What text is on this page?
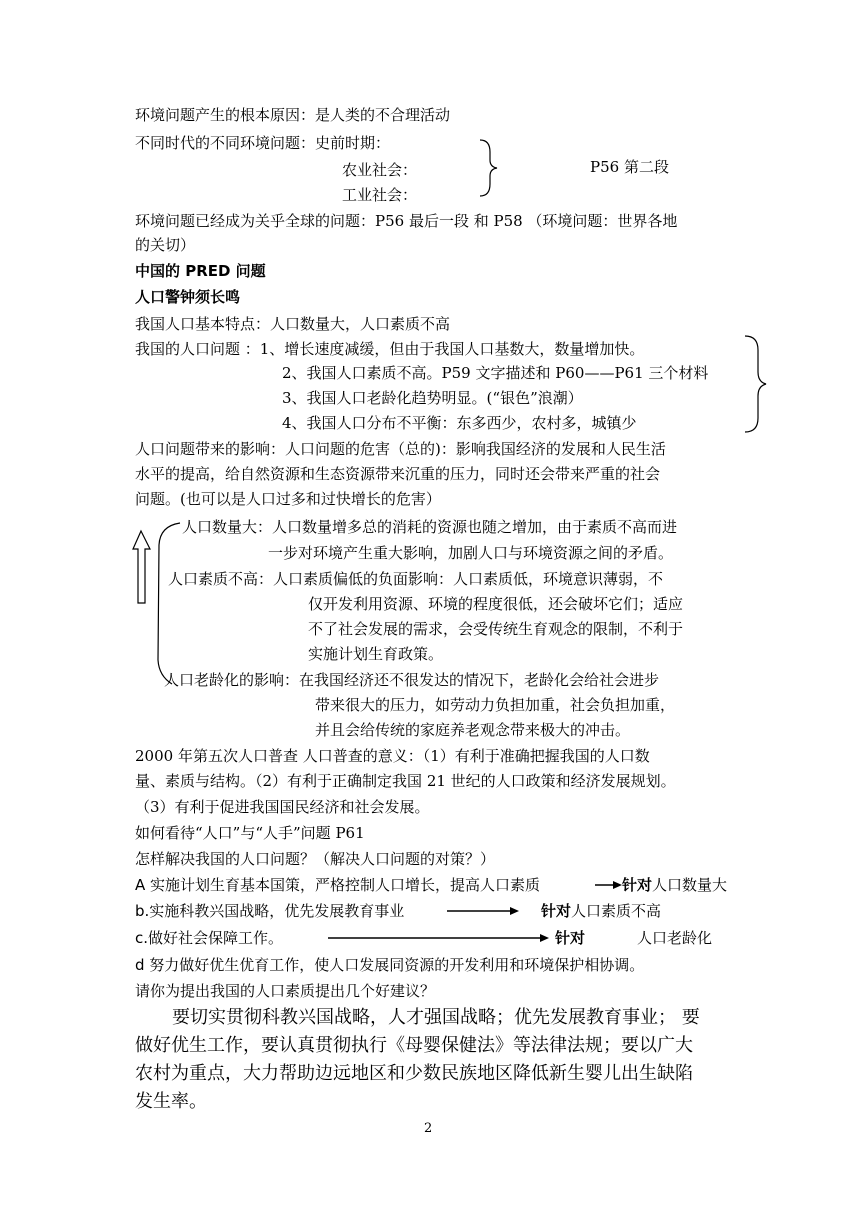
环境问题产生的根本原因：是人类的不合理活动
不同时代的不同环境问题：史前时期：
农业社会：	P56 第二段
工业社会：
环境问题已经成为关乎全球的问题：P56 最后一段 和 P58 （环境问题：世界各地
的关切）
中国的 PRED 问题
人口警钟须长鸣
我国人口基本特点：人口数量大，人口素质不高
我国的人口问题 ：1、增长速度减缓，但由于我国人口基数大，数量增加快。
2、我国人口素质不高。P59 文字描述和 P60——P61 三个材料
3、我国人口老龄化趋势明显。(“银色”浪潮）
4、我国人口分布不平衡：东多西少，农村多，城镇少
人口问题带来的影响：人口问题的危害（总的)：影响我国经济的发展和人民生活
水平的提高，给自然资源和生态资源带来沉重的压力，同时还会带来严重的社会
问题。(也可以是人口过多和过快增长的危害）
人口数量大：人口数量增多总的消耗的资源也随之增加，由于素质不高而进
一步对环境产生重大影响，加剧人口与环境资源之间的矛盾。
人口素质不高：人口素质偏低的负面影响：人口素质低，环境意识薄弱，不
仅开发利用资源、环境的程度很低，还会破坏它们；适应
不了社会发展的需求，会受传统生育观念的限制，不利于
实施计划生育政策。
人口老龄化的影响：在我国经济还不很发达的情况下，老龄化会给社会进步
带来很大的压力，如劳动力负担加重，社会负担加重，
并且会给传统的家庭养老观念带来极大的冲击。
2000 年第五次人口普查 人口普查的意义：（1）有利于准确把握我国的人口数
量、素质与结构。（2）有利于正确制定我国 21 世纪的人口政策和经济发展规划。
（3）有利于促进我国国民经济和社会发展。
如何看待“人口”与“人手”问题 P61
怎样解决我国的人口问题？（解决人口问题的对策？）
A 实施计划生育基本国策，严格控制人口增长，提高人口素质	针对 人口数量大
b.实施科教兴国战略，优先发展教育事业	针对 人口素质不高
c.做好社会保障工作。	针对	人口老龄化
d 努力做好优生优育工作，使人口发展同资源的开发利用和环境保护相协调。
请你为提出我国的人口素质提出几个好建议？
要切实贯彻科教兴国战略，人才强国战略；优先发展教育事业； 要
做好优生工作，要认真贯彻执行《母婴保健法》等法律法规；要以广大
农村为重点，大力帮助边远地区和少数民族地区降低新生婴儿出生缺陷
发生率。
2
